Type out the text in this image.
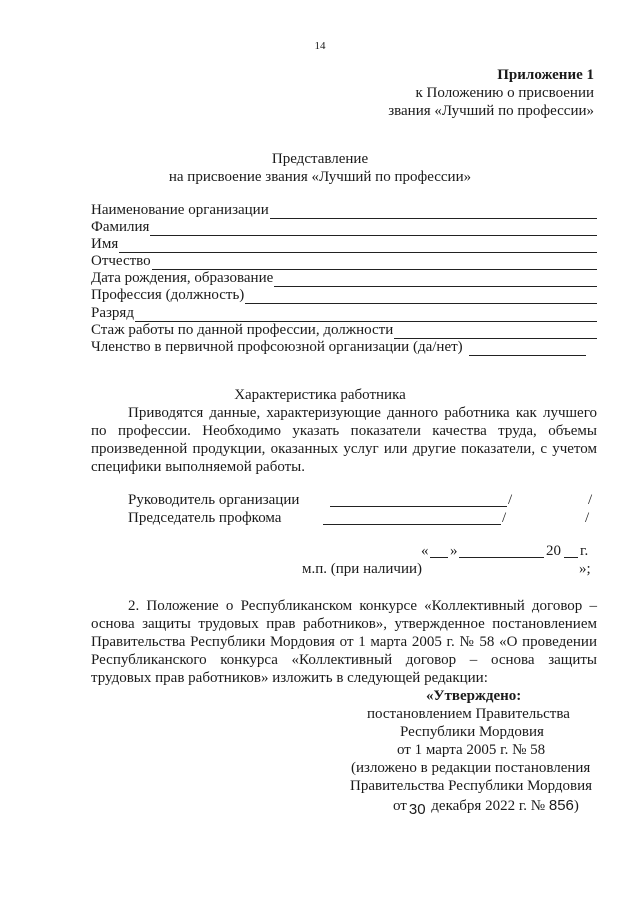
14
Приложение 1
к Положению о присвоении
звания «Лучший по профессии»
Представление
на присвоение звания «Лучший по профессии»
Наименование организации
Фамилия
Имя
Отчество
Дата рождения, образование
Профессия (должность)
Разряд
Стаж работы по данной профессии, должности
Членство в первичной профсоюзной организации (да/нет)
Характеристика работника
Приводятся данные, характеризующие данного работника как лучшего
по профессии. Необходимо указать показатели качества труда, объемы
произведенной продукции, оказанных услуг или другие показатели, с учетом
специфики выполняемой работы.
Руководитель организации	/	/
Председатель профкома	/	/
« »	20 г.
м.п. (при наличии)	»;
2. Положение о Республиканском конкурсе «Коллективный договор –
основа защиты трудовых прав работников», утвержденное постановлением
Правительства Республики Мордовия от 1 марта 2005 г. № 58 «О проведении
Республиканского конкурса «Коллективный договор – основа защиты
трудовых прав работников» изложить в следующей редакции:
«Утверждено:
постановлением Правительства
Республики Мордовия
от 1 марта 2005 г. № 58
(изложено в редакции постановления
Правительства Республики Мордовия
от 30 декабря 2022 г. № 856)
